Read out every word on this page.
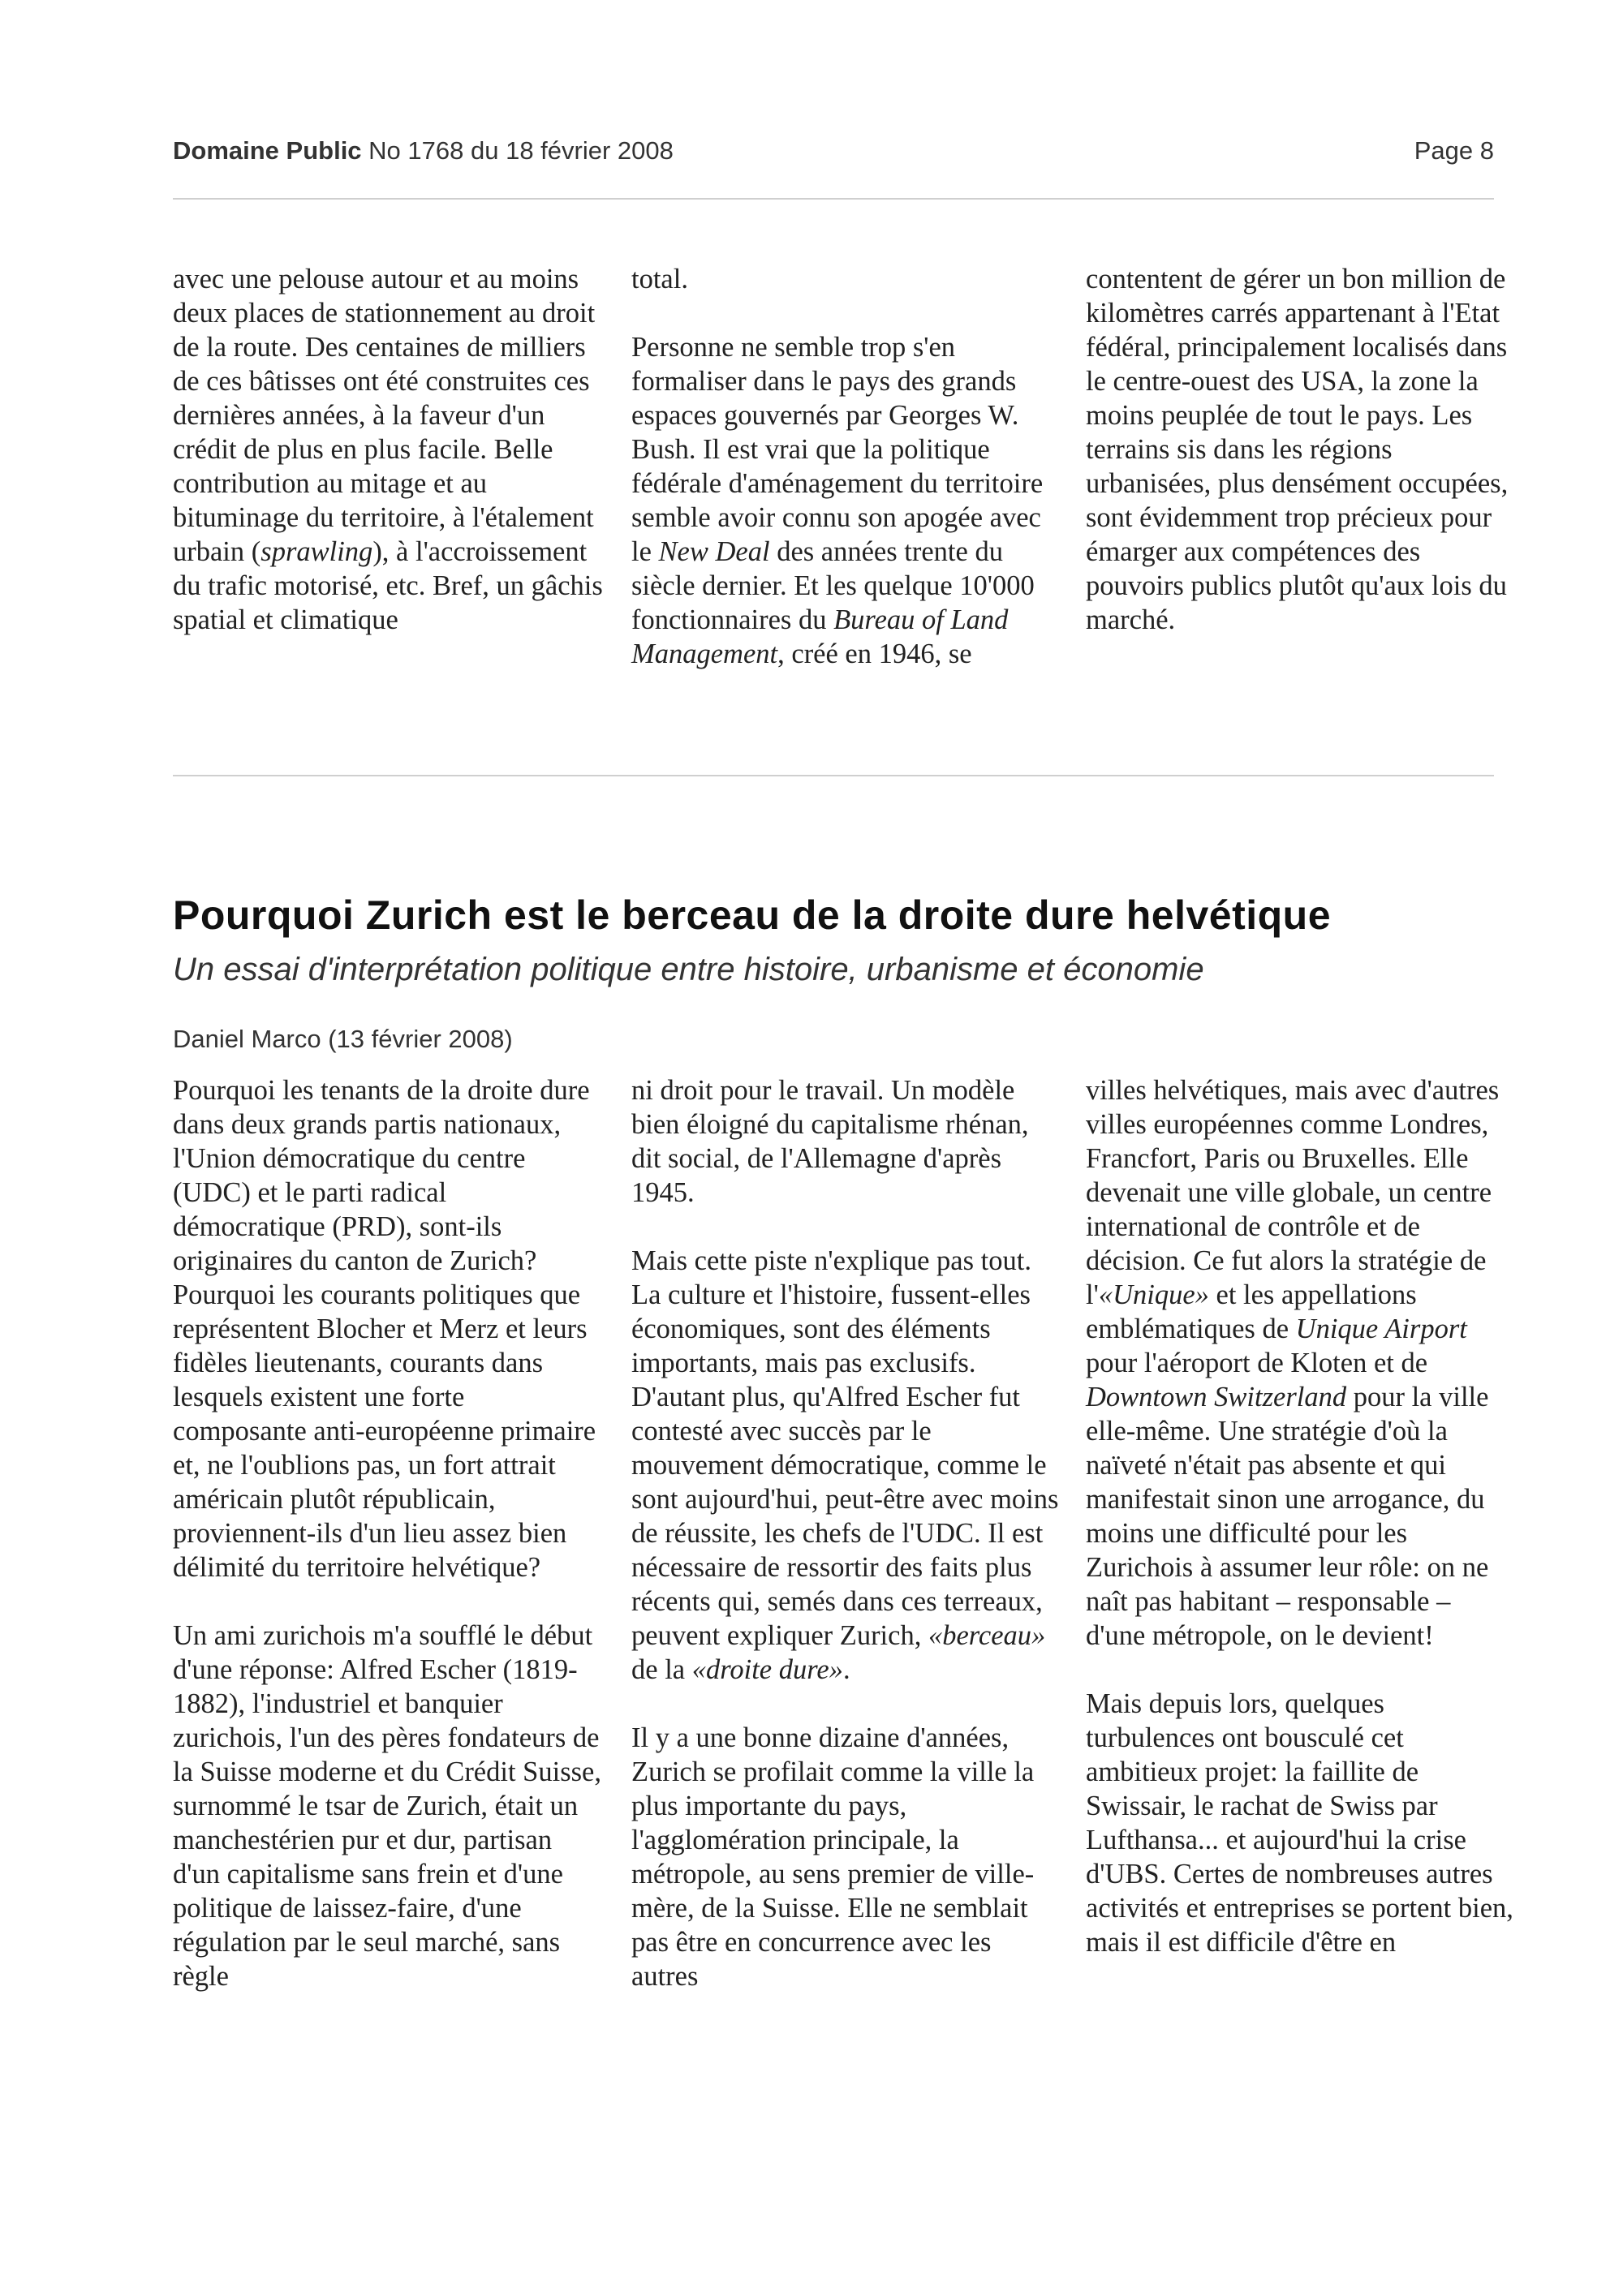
Domaine Public No 1768 du 18 février 2008	Page 8

avec une pelouse autour et au moins deux places de stationnement au droit de la route. Des centaines de milliers de ces bâtisses ont été construites ces dernières années, à la faveur d'un crédit de plus en plus facile. Belle contribution au mitage et au bituminage du territoire, à l'étalement urbain (sprawling), à l'accroissement du trafic motorisé, etc. Bref, un gâchis spatial et climatique

total.

Personne ne semble trop s'en formaliser dans le pays des grands espaces gouvernés par Georges W. Bush. Il est vrai que la politique fédérale d'aménagement du territoire semble avoir connu son apogée avec le New Deal des années trente du siècle dernier. Et les quelque 10'000 fonctionnaires du Bureau of Land Management, créé en 1946, se

contentent de gérer un bon million de kilomètres carrés appartenant à l'Etat fédéral, principalement localisés dans le centre-ouest des USA, la zone la moins peuplée de tout le pays. Les terrains sis dans les régions urbanisées, plus densément occupées, sont évidemment trop précieux pour émarger aux compétences des pouvoirs publics plutôt qu'aux lois du marché.

Pourquoi Zurich est le berceau de la droite dure helvétique
Un essai d'interprétation politique entre histoire, urbanisme et économie
Daniel Marco (13 février 2008)

Pourquoi les tenants de la droite dure dans deux grands partis nationaux, l'Union démocratique du centre (UDC) et le parti radical démocratique (PRD), sont-ils originaires du canton de Zurich? Pourquoi les courants politiques que représentent Blocher et Merz et leurs fidèles lieutenants, courants dans lesquels existent une forte composante anti-européenne primaire et, ne l'oublions pas, un fort attrait américain plutôt républicain, proviennent-ils d'un lieu assez bien délimité du territoire helvétique?

Un ami zurichois m'a soufflé le début d'une réponse: Alfred Escher (1819-1882), l'industriel et banquier zurichois, l'un des pères fondateurs de la Suisse moderne et du Crédit Suisse, surnommé le tsar de Zurich, était un manchestérien pur et dur, partisan d'un capitalisme sans frein et d'une politique de laissez-faire, d'une régulation par le seul marché, sans règle

ni droit pour le travail. Un modèle bien éloigné du capitalisme rhénan, dit social, de l'Allemagne d'après 1945.

Mais cette piste n'explique pas tout. La culture et l'histoire, fussent-elles économiques, sont des éléments importants, mais pas exclusifs. D'autant plus, qu'Alfred Escher fut contesté avec succès par le mouvement démocratique, comme le sont aujourd'hui, peut-être avec moins de réussite, les chefs de l'UDC. Il est nécessaire de ressortir des faits plus récents qui, semés dans ces terreaux, peuvent expliquer Zurich, «berceau» de la «droite dure».

Il y a une bonne dizaine d'années, Zurich se profilait comme la ville la plus importante du pays, l'agglomération principale, la métropole, au sens premier de ville-mère, de la Suisse. Elle ne semblait pas être en concurrence avec les autres

villes helvétiques, mais avec d'autres villes européennes comme Londres, Francfort, Paris ou Bruxelles. Elle devenait une ville globale, un centre international de contrôle et de décision. Ce fut alors la stratégie de l'«Unique» et les appellations emblématiques de Unique Airport pour l'aéroport de Kloten et de Downtown Switzerland pour la ville elle-même. Une stratégie d'où la naïveté n'était pas absente et qui manifestait sinon une arrogance, du moins une difficulté pour les Zurichois à assumer leur rôle: on ne naît pas habitant – responsable – d'une métropole, on le devient!

Mais depuis lors, quelques turbulences ont bousculé cet ambitieux projet: la faillite de Swissair, le rachat de Swiss par Lufthansa... et aujourd'hui la crise d'UBS. Certes de nombreuses autres activités et entreprises se portent bien, mais il est difficile d'être en
